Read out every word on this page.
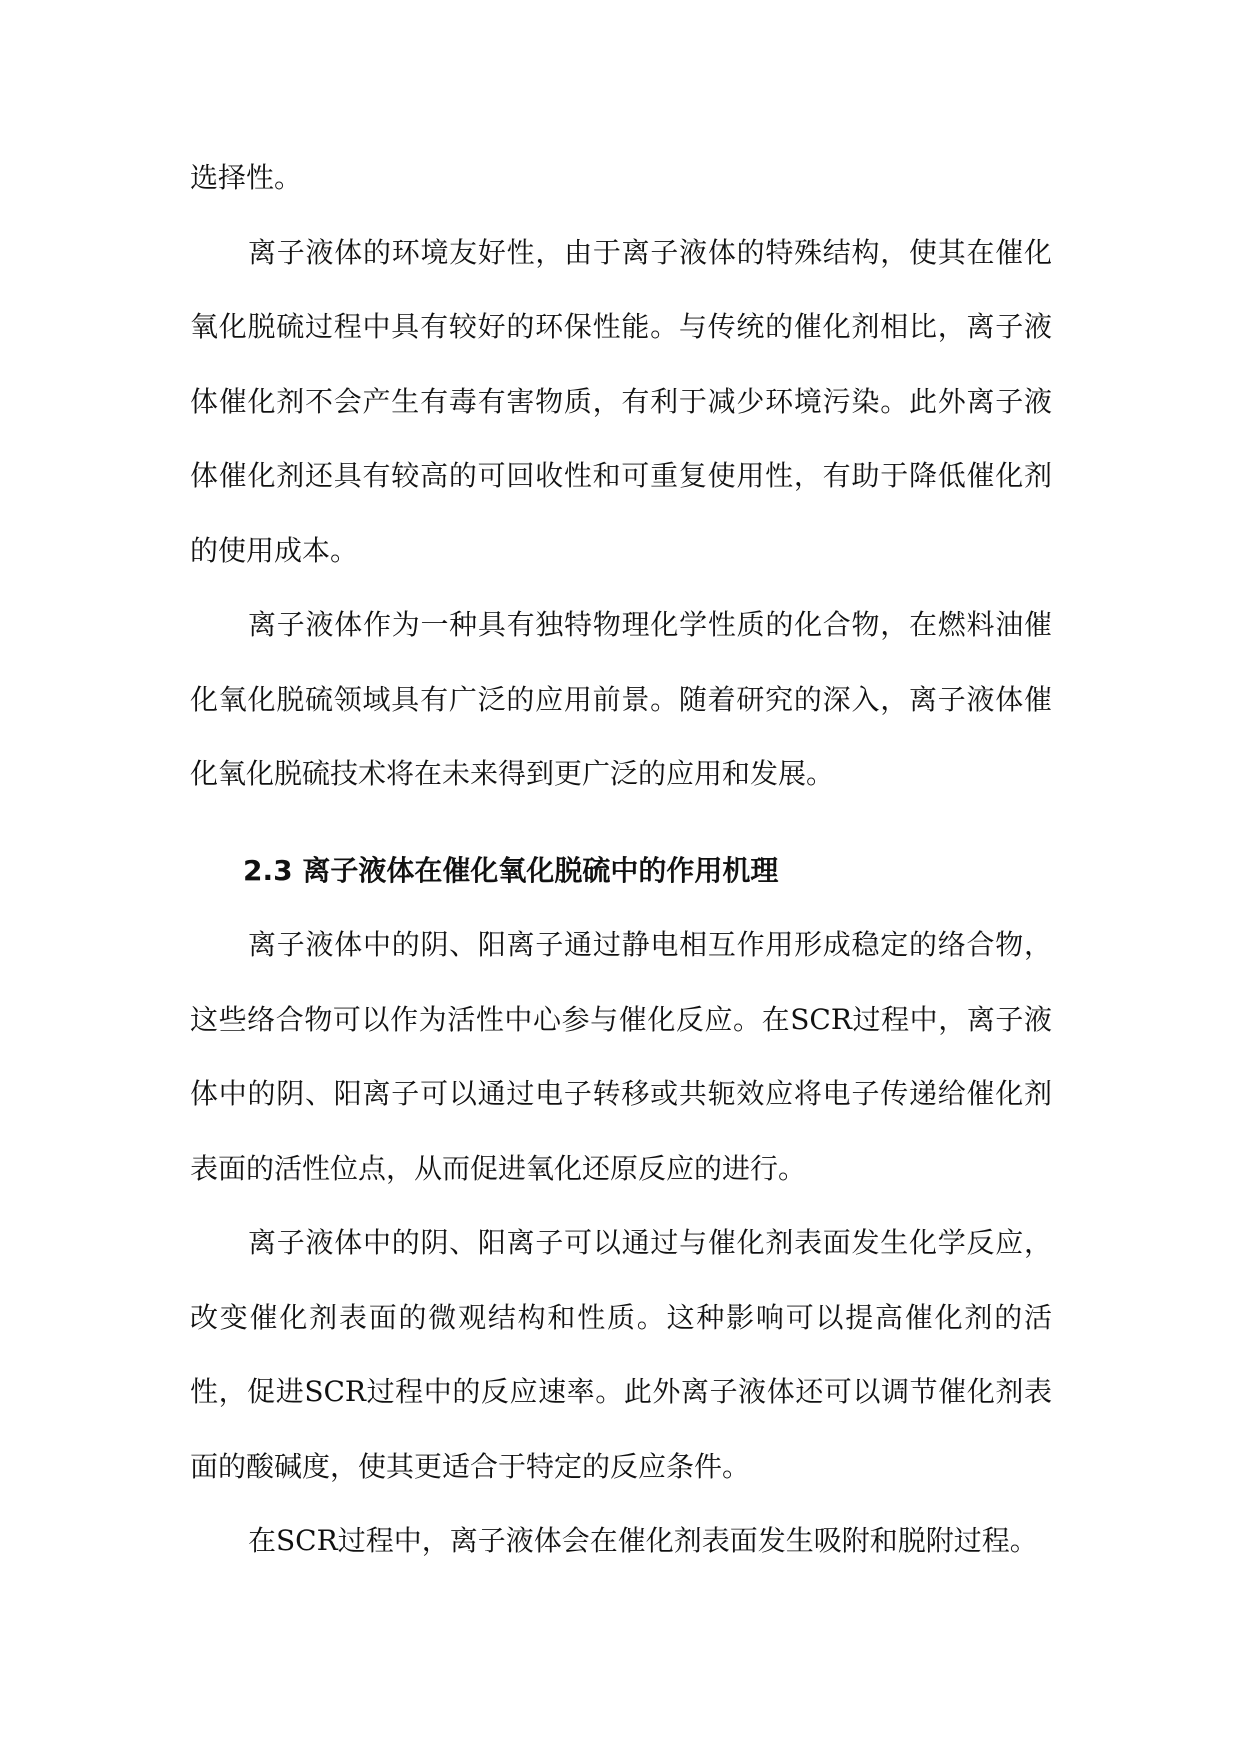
选择性。

离子液体的环境友好性，由于离子液体的特殊结构，使其在催化氧化脱硫过程中具有较好的环保性能。与传统的催化剂相比，离子液体催化剂不会产生有毒有害物质，有利于减少环境污染。此外离子液体催化剂还具有较高的可回收性和可重复使用性，有助于降低催化剂的使用成本。

离子液体作为一种具有独特物理化学性质的化合物，在燃料油催化氧化脱硫领域具有广泛的应用前景。随着研究的深入，离子液体催化氧化脱硫技术将在未来得到更广泛的应用和发展。

2.3 离子液体在催化氧化脱硫中的作用机理

离子液体中的阴、阳离子通过静电相互作用形成稳定的络合物，这些络合物可以作为活性中心参与催化反应。在SCR过程中，离子液体中的阴、阳离子可以通过电子转移或共轭效应将电子传递给催化剂表面的活性位点，从而促进氧化还原反应的进行。

离子液体中的阴、阳离子可以通过与催化剂表面发生化学反应，改变催化剂表面的微观结构和性质。这种影响可以提高催化剂的活性，促进SCR过程中的反应速率。此外离子液体还可以调节催化剂表面的酸碱度，使其更适合于特定的反应条件。

在SCR过程中，离子液体会在催化剂表面发生吸附和脱附过程。
